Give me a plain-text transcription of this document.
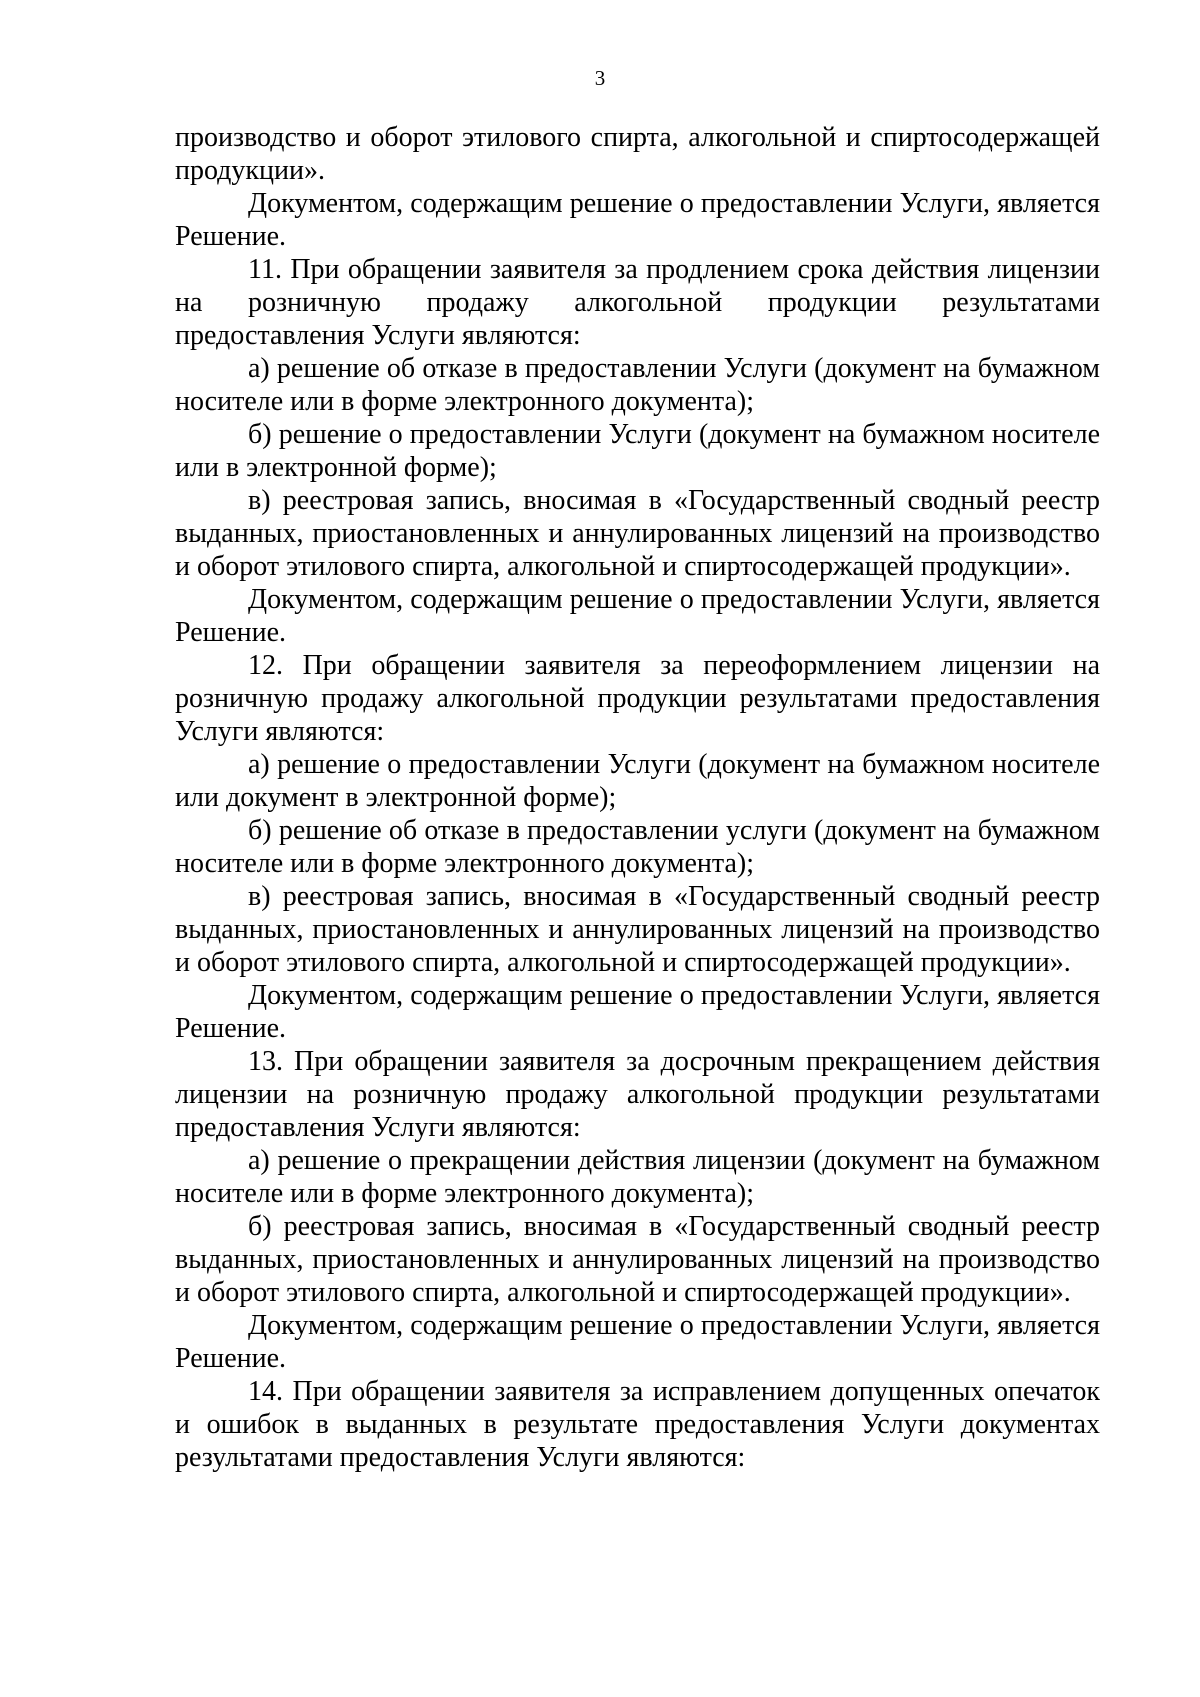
3

производство и оборот этилового спирта, алкогольной и спиртосодержащей продукции».

Документом, содержащим решение о предоставлении Услуги, является Решение.

11. При обращении заявителя за продлением срока действия лицензии на розничную продажу алкогольной продукции результатами предоставления Услуги являются:

а) решение об отказе в предоставлении Услуги (документ на бумажном носителе или в форме электронного документа);

б) решение о предоставлении Услуги (документ на бумажном носителе или в электронной форме);

в) реестровая запись, вносимая в «Государственный сводный реестр выданных, приостановленных и аннулированных лицензий на производство и оборот этилового спирта, алкогольной и спиртосодержащей продукции».

Документом, содержащим решение о предоставлении Услуги, является Решение.

12. При обращении заявителя за переоформлением лицензии на розничную продажу алкогольной продукции результатами предоставления Услуги являются:

а) решение о предоставлении Услуги (документ на бумажном носителе или документ в электронной форме);

б) решение об отказе в предоставлении услуги (документ на бумажном носителе или в форме электронного документа);

в) реестровая запись, вносимая в «Государственный сводный реестр выданных, приостановленных и аннулированных лицензий на производство и оборот этилового спирта, алкогольной и спиртосодержащей продукции».

Документом, содержащим решение о предоставлении Услуги, является Решение.

13. При обращении заявителя за досрочным прекращением действия лицензии на розничную продажу алкогольной продукции результатами предоставления Услуги являются:

а) решение о прекращении действия лицензии (документ на бумажном носителе или в форме электронного документа);

б) реестровая запись, вносимая в «Государственный сводный реестр выданных, приостановленных и аннулированных лицензий на производство и оборот этилового спирта, алкогольной и спиртосодержащей продукции».

Документом, содержащим решение о предоставлении Услуги, является Решение.

14. При обращении заявителя за исправлением допущенных опечаток и ошибок в выданных в результате предоставления Услуги документах результатами предоставления Услуги являются:
